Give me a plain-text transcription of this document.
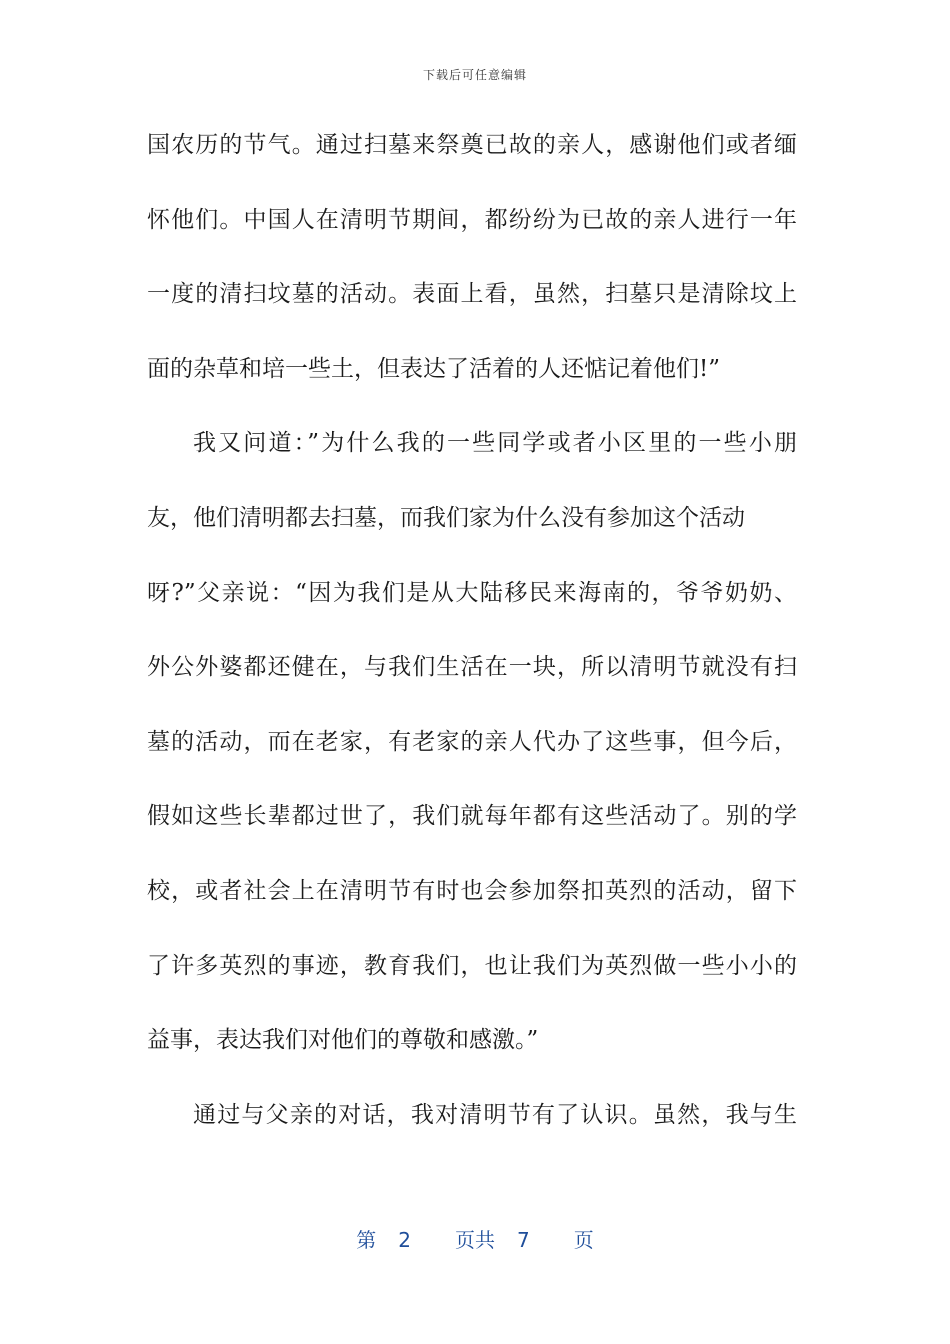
下载后可任意编辑
国农历的节气。通过扫墓来祭奠已故的亲人，感谢他们或者缅
怀他们。中国人在清明节期间，都纷纷为已故的亲人进行一年
一度的清扫坟墓的活动。表面上看，虽然，扫墓只是清除坟上
面的杂草和培一些土，但表达了活着的人还惦记着他们!”
我又问道：”为什么我的一些同学或者小区里的一些小朋
友，他们清明都去扫墓，而我们家为什么没有参加这个活动
呀?”父亲说：“因为我们是从大陆移民来海南的，爷爷奶奶、
外公外婆都还健在，与我们生活在一块，所以清明节就没有扫
墓的活动，而在老家，有老家的亲人代办了这些事，但今后，
假如这些长辈都过世了，我们就每年都有这些活动了。别的学
校，或者社会上在清明节有时也会参加祭扣英烈的活动，留下
了许多英烈的事迹，教育我们，也让我们为英烈做一些小小的
益事，表达我们对他们的尊敬和感激。”
通过与父亲的对话，我对清明节有了认识。虽然，我与生
第 2 页共 7 页
